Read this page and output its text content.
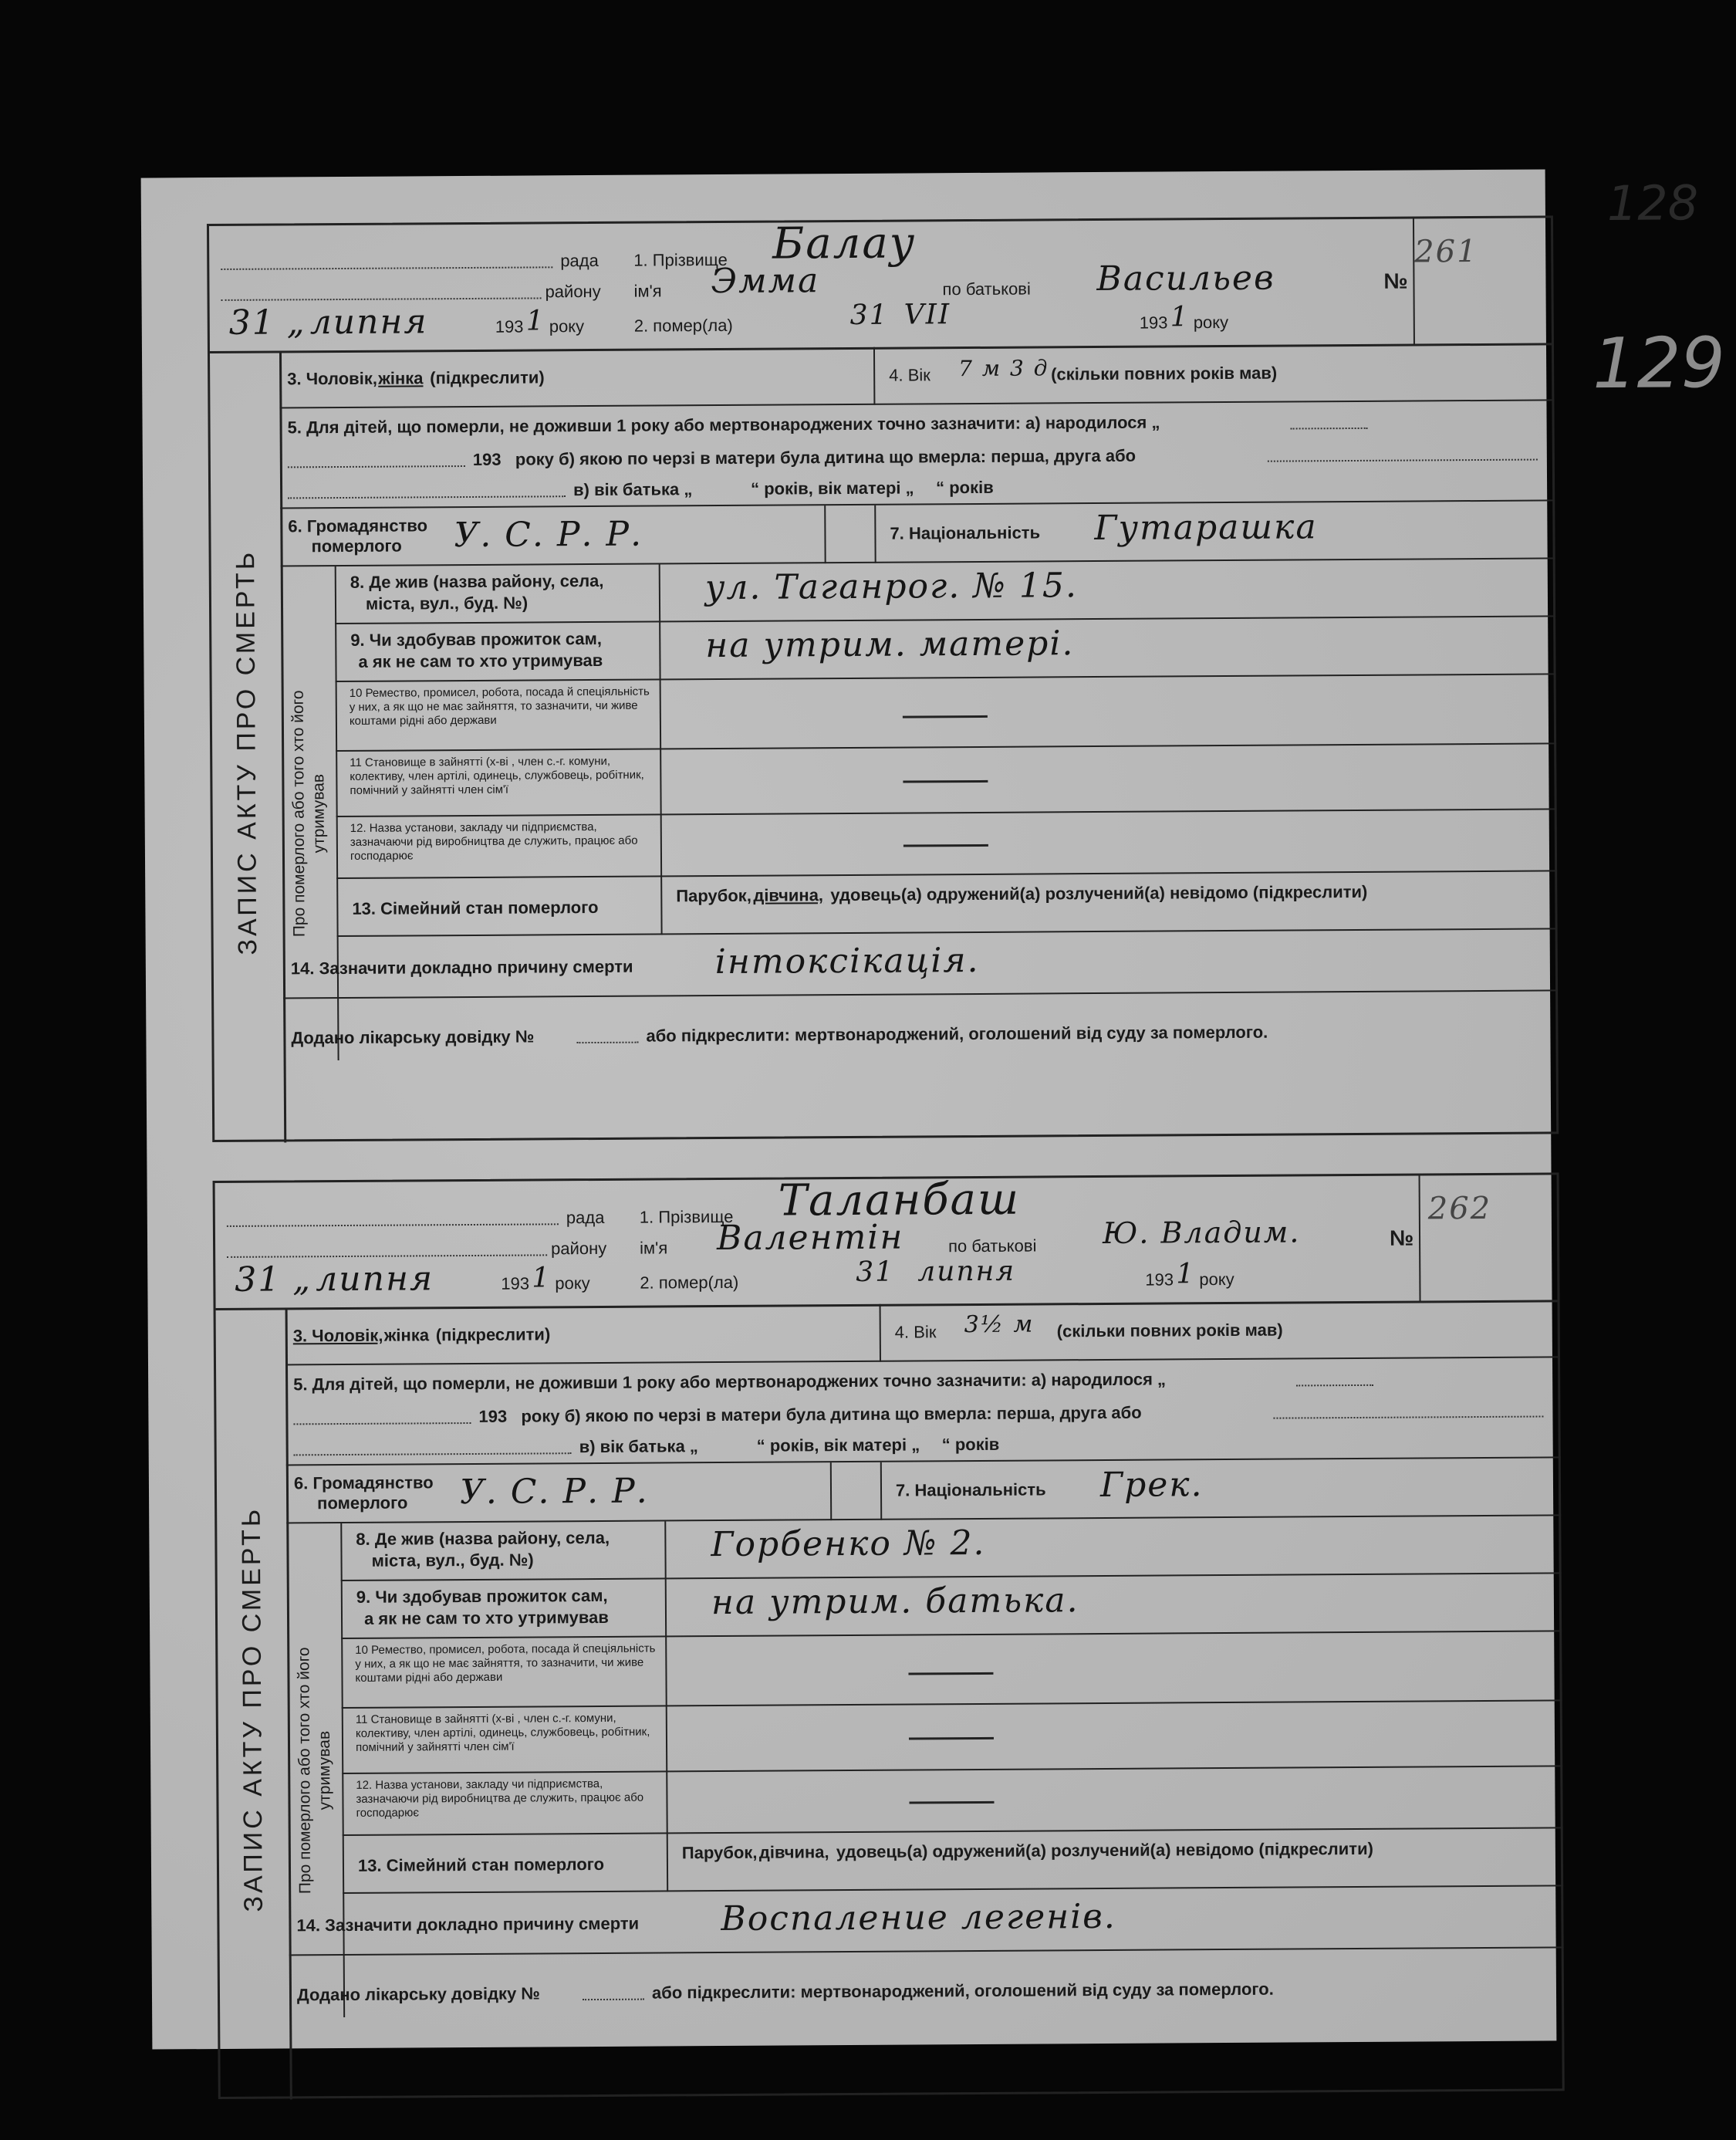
128
129
рада
району
31 „ липня	193 1 року
1. Прізвище Балау
ім'я Эмма	по батькові Васильев
2. помер(ла)	31 VII	193 1 року
261
№
ЗАПИС АКТУ ПРО СМЕРТЬ
3. Чоловік, жінка (підкреслити)	4. Вік 7 м 3 д (скільки повних років мав)
5. Для дітей, що померли, не доживши 1 року або мертвонароджених точно зазначити: а) народилося „
193 року б) якою по черзі в матери була дитина що вмерла: перша, друга або
в) вік батька „	“ років, вік матері „ “ років
6. Громадянство
померлого У. С. Р. Р.	7. Національність Гутарашка
Про померлого або того хто його
утримував
8. Де жив (назва району, села,
міста, вул., буд. №)	ул. Таганрог. № 15.
9. Чи здобував прожиток сам,
а як не сам то хто утримував	на утрим. матері.
10 Ремество, промисел, робота, посада й спеціяльність у них, а як що не має зайняття, то зазначити, чи живе коштами рідні або держави
11 Становище в зайнятті (х-ві , член с.-г. комуни, колективу, член артілі, одинець, службовець, робітник, помічний у зайнятті член сім'ї
12. Назва установи, закладу чи підприємства, зазначаючи рід виробництва де служить, працює або господарює
13. Сімейний стан померлого
Парубок, дівчина, удовець(а) одружений(а) розлучений(а) невідомо (підкреслити)
14. Зазначити докладно причину смерти інтоксікація.
Додано лікарську довідку №	або підкреслити: мертвонароджений, оголошений від суду за померлого.
рада
району
31 „ липня	193 1 року
1. Прізвище Таланбаш
ім'я Валентін	по батькові Ю. Владим.
2. помер(ла)	31 липня	193 1 року
262
№
ЗАПИС АКТУ ПРО СМЕРТЬ
3. Чоловік, жінка (підкреслити)	4. Вік 3½ м (скільки повних років мав)
5. Для дітей, що померли, не доживши 1 року або мертвонароджених точно зазначити: а) народилося „
193 року б) якою по черзі в матери була дитина що вмерла: перша, друга або
в) вік батька „	“ років, вік матері „ “ років
6. Громадянство
померлого У. С. Р. Р.	7. Національність Грек.
Про померлого або того хто його
утримував
8. Де жив (назва району, села,
міста, вул., буд. №)	Горбенко № 2.
9. Чи здобував прожиток сам,
а як не сам то хто утримував	на утрим. батька.
10 Ремество, промисел, робота, посада й спеціяльність у них, а як що не має зайняття, то зазначити, чи живе коштами рідні або держави
11 Становище в зайнятті (х-ві , член с.-г. комуни, колективу, член артілі, одинець, службовець, робітник, помічний у зайнятті член сім'ї
12. Назва установи, закладу чи підприємства, зазначаючи рід виробництва де служить, працює або господарює
13. Сімейний стан померлого
Парубок, дівчина, удовець(а) одружений(а) розлучений(а) невідомо (підкреслити)
14. Зазначити докладно причину смерти Воспаление легенів.
Додано лікарську довідку №	або підкреслити: мертвонароджений, оголошений від суду за померлого.
